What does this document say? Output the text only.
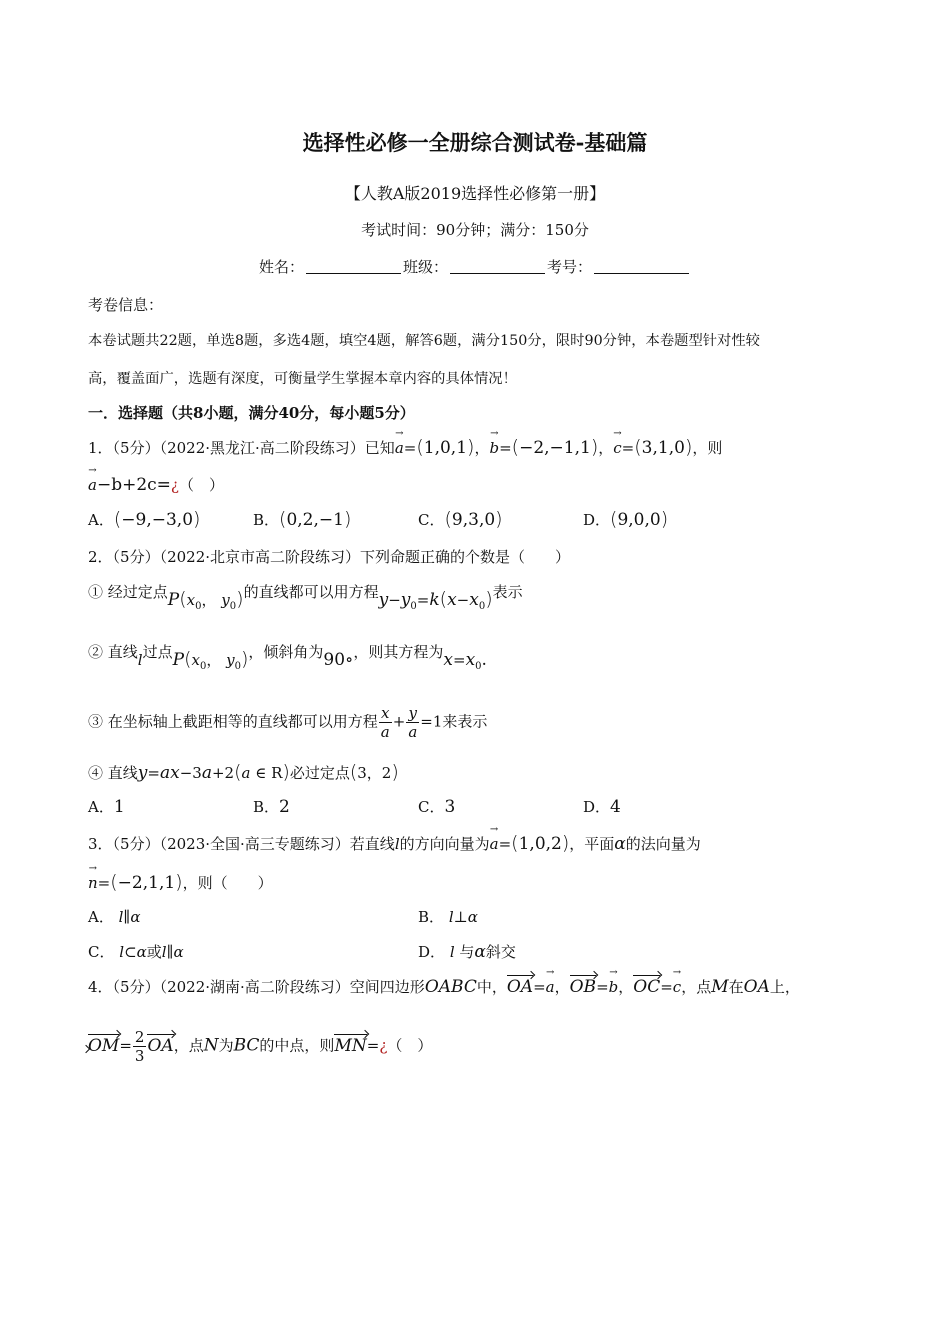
选择性必修一全册综合测试卷-基础篇
【人教A版2019选择性必修第一册】
考试时间：90分钟；满分：150分
姓名：	班级：	考号：
考卷信息：
本卷试题共22题，单选8题，多选4题，填空4题，解答6题，满分150分，限时90分钟，本卷题型针对性较
高，覆盖面广，选题有深度，可衡量学生掌握本章内容的具体情况！
一．选择题（共8小题，满分40分，每小题5分）
1．（5分）（2022·黑龙江·高二阶段练习）已知→ a=(1,0,1)，→ b=(−2,−1,1)，→ c=(3,1,0)，则
→ a−b+2c=¿（　）
A．(−9,−3,0)	B．(0,2,−1)	C．(9,3,0)	D．(9,0,0)
2．（5分）（2022·北京市高二阶段练习）下列命题正确的个数是（　　）
① 经过定点$P(x_0$， $y_0$)的直线都可以用方程$y-y_0=k(x-x_0)$表示
② 直线l过点$P(x_0$， $y_0$)，倾斜角为90∘，则其方程为$x=x_0$.
③ 在坐标轴上截距相等的直线都可以用方程 $\frac{x}{a} + \frac{y}{a} =1$来表示
④ 直线y=ax−3a+2(a ∈ R)必过定点(3，2)
A．1	B．2	C．3	D．4
3．（5分）（2023·全国·高三专题练习）若直线l的方向向量为→ a=(1,0,2)，平面α的法向量为
→ n=(−2,1,1)，则（　　）
A． l∥α	B． l⊥α
C． l⊂α或l∥α	D． l 与α斜交
4．（5分）（2022·湖南·高二阶段练习）空间四边形OABC中，OA=→ a，OB=→ b，OC=→ c，点M在OA上，
$OM= \frac{2}{3}$ OA，点N为BC的中点，则MN=¿（　）
